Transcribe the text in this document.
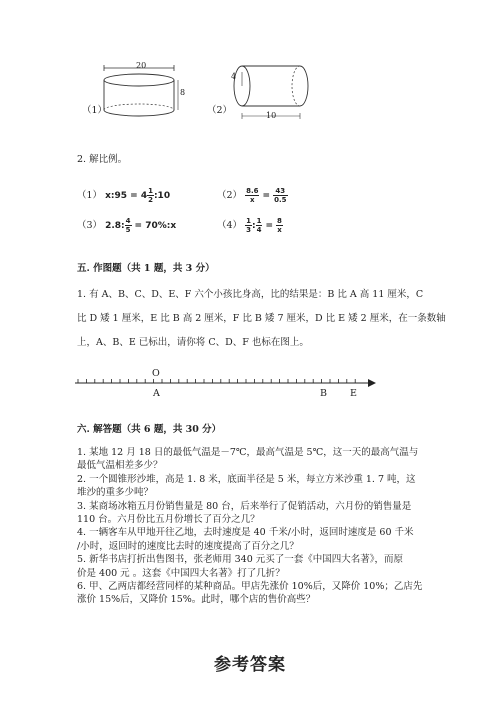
（1）
20
8
（2）
4
10
2. 解比例。
（1） x:95 = $4 \frac{1}{2}$ :10	$(2) \frac{8.6}{x} = \frac{43}{0.5}$
（3） 2.8: $\frac{4}{5}$ = 70%:x	$(4) \frac{1}{3}$ : $\frac{1}{4} = \frac{8}{x}$
五. 作图题（共 1 题，共 3 分）
1. 有 A、B、C、D、E、F 六个小孩比身高，比的结果是：B 比 A 高 11 厘米，C
比 D 矮 1 厘米，E 比 B 高 2 厘米，F 比 B 矮 7 厘米，D 比 E 矮 2 厘米，在一条数轴
上，A、B、E 已标出，请你将 C、D、F 也标在图上。
O
A	B E
六. 解答题（共 6 题，共 30 分）
1. 某地 12 月 18 日的最低气温是－7℃，最高气温是 5℃，这一天的最高气温与
最低气温相差多少？
2. 一个圆锥形沙堆，高是 1. 8 米，底面半径是 5 米，每立方米沙重 1. 7 吨，这
堆沙的重多少吨？
3. 某商场冰箱五月份销售量是 80 台，后来举行了促销活动，六月份的销售量是
110 台。六月份比五月份增长了百分之几？
4. 一辆客车从甲地开往乙地，去时速度是 40 千米/小时，返回时速度是 60 千米
/小时，返回时的速度比去时的速度提高了百分之几？
5. 新华书店打折出售图书，张老师用 340 元买了一套《中国四大名著》，而原
价是 400 元 。这套《中国四大名著》打了几折？
6. 甲、乙两店都经营同样的某种商品。甲店先涨价 10%后，又降价 10%；乙店先
涨价 15%后，又降价 15%。此时，哪个店的售价高些？
参考答案
